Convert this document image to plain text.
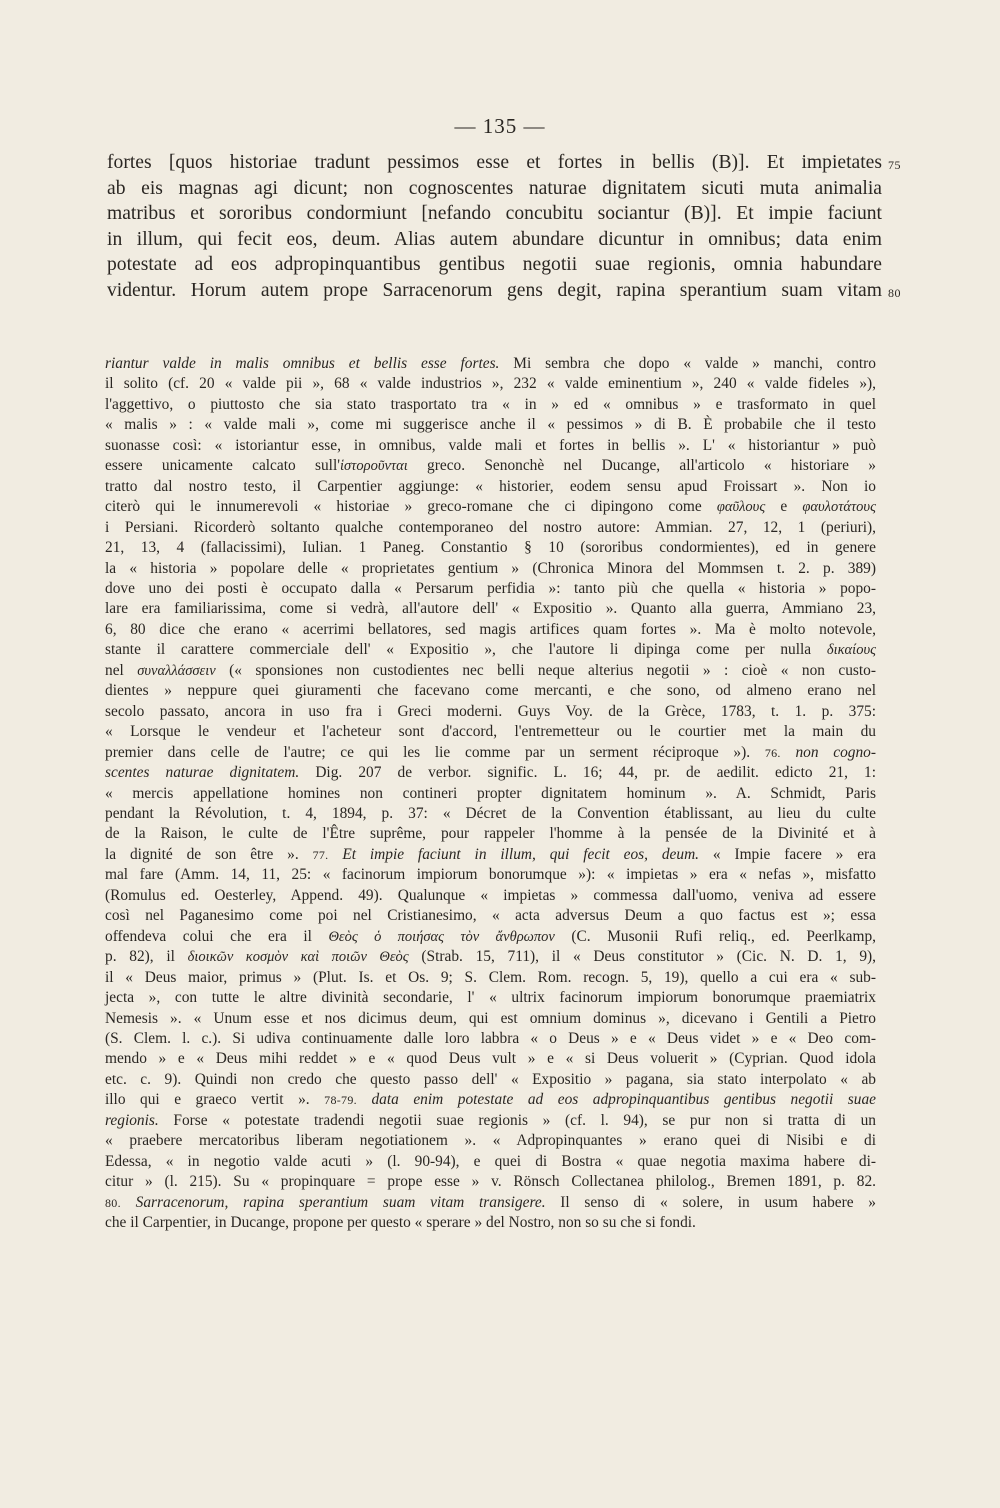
— 135 —
fortes [quos historiae tradunt pessimos esse et fortes in bellis (B)]. Et impietates
ab eis magnas agi dicunt; non cognoscentes naturae dignitatem sicuti muta animalia
matribus et sororibus condormiunt [nefando concubitu sociantur (B)]. Et impie faciunt
in illum, qui fecit eos, deum. Alias autem abundare dicuntur in omnibus; data enim
potestate ad eos adpropinquantibus gentibus negotii suae regionis, omnia habundare
videntur. Horum autem prope Sarracenorum gens degit, rapina sperantium suam vitam
75
80
riantur valde in malis omnibus et bellis esse fortes. Mi sembra che dopo « valde » manchi, contro
il solito (cf. 20 « valde pii », 68 « valde industrios », 232 « valde eminentium », 240 « valde fideles »),
l'aggettivo, o piuttosto che sia stato trasportato tra « in » ed « omnibus » e trasformato in quel
« malis » : « valde mali », come mi suggerisce anche il « pessimos » di B. È probabile che il testo
suonasse così: « istoriantur esse, in omnibus, valde mali et fortes in bellis ». L' « historiantur » può
essere unicamente calcato sull'ἱστοροῦνται greco. Senonchè nel Ducange, all'articolo « historiare »
tratto dal nostro testo, il Carpentier aggiunge: « historier, eodem sensu apud Froissart ». Non io
citerò qui le innumerevoli « historiae » greco-romane che ci dipingono come φαῦλους e φαυλοτάτους
i Persiani. Ricorderò soltanto qualche contemporaneo del nostro autore: Ammian. 27, 12, 1 (periuri),
21, 13, 4 (fallacissimi), Iulian. 1 Paneg. Constantio § 10 (sororibus condormientes), ed in genere
la « historia » popolare delle « proprietates gentium » (Chronica Minora del Mommsen t. 2. p. 389)
dove uno dei posti è occupato dalla « Persarum perfidia »: tanto più che quella « historia » popo-
lare era familiarissima, come si vedrà, all'autore dell' « Expositio ». Quanto alla guerra, Ammiano 23,
6, 80 dice che erano « acerrimi bellatores, sed magis artifices quam fortes ». Ma è molto notevole,
stante il carattere commerciale dell' « Expositio », che l'autore li dipinga come per nulla δικαίους
nel συναλλάσσειν (« sponsiones non custodientes nec belli neque alterius negotii » : cioè « non custo-
dientes » neppure quei giuramenti che facevano come mercanti, e che sono, od almeno erano nel
secolo passato, ancora in uso fra i Greci moderni. Guys Voy. de la Grèce, 1783, t. 1. p. 375:
« Lorsque le vendeur et l'acheteur sont d'accord, l'entremetteur ou le courtier met la main du
premier dans celle de l'autre; ce qui les lie comme par un serment réciproque »). 76. non cogno-
scentes naturae dignitatem. Dig. 207 de verbor. signific. L. 16; 44, pr. de aedilit. edicto 21, 1:
« mercis appellatione homines non contineri propter dignitatem hominum ». A. Schmidt, Paris
pendant la Révolution, t. 4, 1894, p. 37: « Décret de la Convention établissant, au lieu du culte
de la Raison, le culte de l'Être suprême, pour rappeler l'homme à la pensée de la Divinité et à
la dignité de son être ». 77. Et impie faciunt in illum, qui fecit eos, deum. « Impie facere » era
mal fare (Amm. 14, 11, 25: « facinorum impiorum bonorumque »): « impietas » era « nefas », misfatto
(Romulus ed. Oesterley, Append. 49). Qualunque « impietas » commessa dall'uomo, veniva ad essere
così nel Paganesimo come poi nel Cristianesimo, « acta adversus Deum a quo factus est »; essa
offendeva colui che era il Θεὸς ὁ ποιήσας τὸν ἄνθρωπον (C. Musonii Rufi reliq., ed. Peerlkamp,
p. 82), il διοικῶν κοσμὸν καὶ ποιῶν Θεὸς (Strab. 15, 711), il « Deus constitutor » (Cic. N. D. 1, 9),
il « Deus maior, primus » (Plut. Is. et Os. 9; S. Clem. Rom. recogn. 5, 19), quello a cui era « sub-
jecta », con tutte le altre divinità secondarie, l' « ultrix facinorum impiorum bonorumque praemiatrix
Nemesis ». « Unum esse et nos dicimus deum, qui est omnium dominus », dicevano i Gentili a Pietro
(S. Clem. l. c.). Si udiva continuamente dalle loro labbra « o Deus » e « Deus videt » e « Deo com-
mendo » e « Deus mihi reddet » e « quod Deus vult » e « si Deus voluerit » (Cyprian. Quod idola
etc. c. 9). Quindi non credo che questo passo dell' « Expositio » pagana, sia stato interpolato « ab
illo qui e graeco vertit ». 78-79. data enim potestate ad eos adpropinquantibus gentibus negotii suae
regionis. Forse « potestate tradendi negotii suae regionis » (cf. l. 94), se pur non si tratta di un
« praebere mercatoribus liberam negotiationem ». « Adpropinquantes » erano quei di Nisibi e di
Edessa, « in negotio valde acuti » (l. 90-94), e quei di Bostra « quae negotia maxima habere di-
citur » (l. 215). Su « propinquare = prope esse » v. Rönsch Collectanea philolog., Bremen 1891, p. 82.
80. Sarracenorum, rapina sperantium suam vitam transigere. Il senso di « solere, in usum habere »
che il Carpentier, in Ducange, propone per questo « sperare » del Nostro, non so su che si fondi.
